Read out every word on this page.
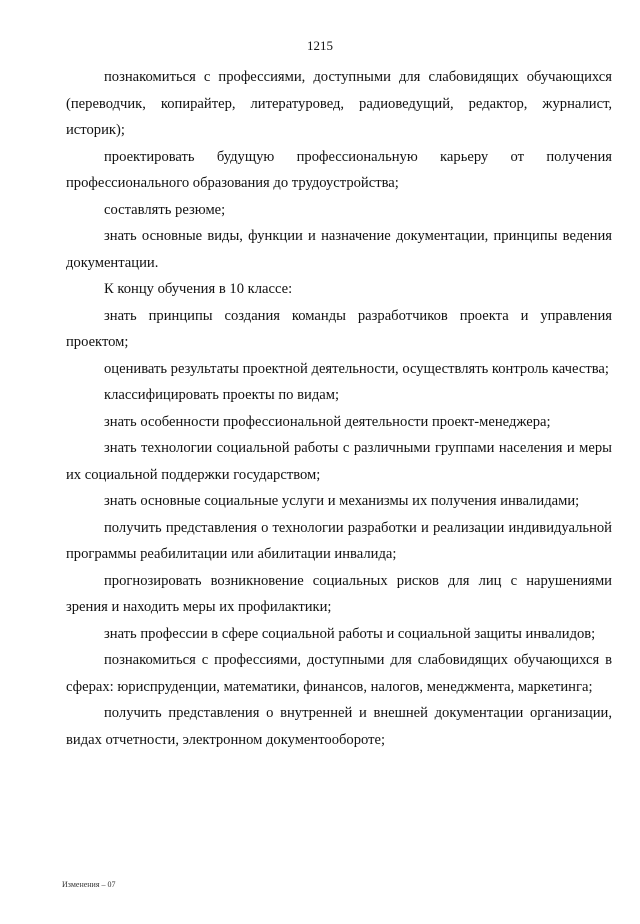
1215

познакомиться с профессиями, доступными для слабовидящих обучающихся (переводчик, копирайтер, литературовед, радиоведущий, редактор, журналист, историк);

проектировать будущую профессиональную карьеру от получения профессионального образования до трудоустройства;

составлять резюме;

знать основные виды, функции и назначение документации, принципы ведения документации.

К концу обучения в 10 классе:

знать принципы создания команды разработчиков проекта и управления проектом;

оценивать результаты проектной деятельности, осуществлять контроль качества;

классифицировать проекты по видам;

знать особенности профессиональной деятельности проект-менеджера;

знать технологии социальной работы с различными группами населения и меры их социальной поддержки государством;

знать основные социальные услуги и механизмы их получения инвалидами;

получить представления о технологии разработки и реализации индивидуальной программы реабилитации или абилитации инвалида;

прогнозировать возникновение социальных рисков для лиц с нарушениями зрения и находить меры их профилактики;

знать профессии в сфере социальной работы и социальной защиты инвалидов;

познакомиться с профессиями, доступными для слабовидящих обучающихся в сферах: юриспруденции, математики, финансов, налогов, менеджмента, маркетинга;

получить представления о внутренней и внешней документации организации, видах отчетности, электронном документообороте;

Изменения – 07
